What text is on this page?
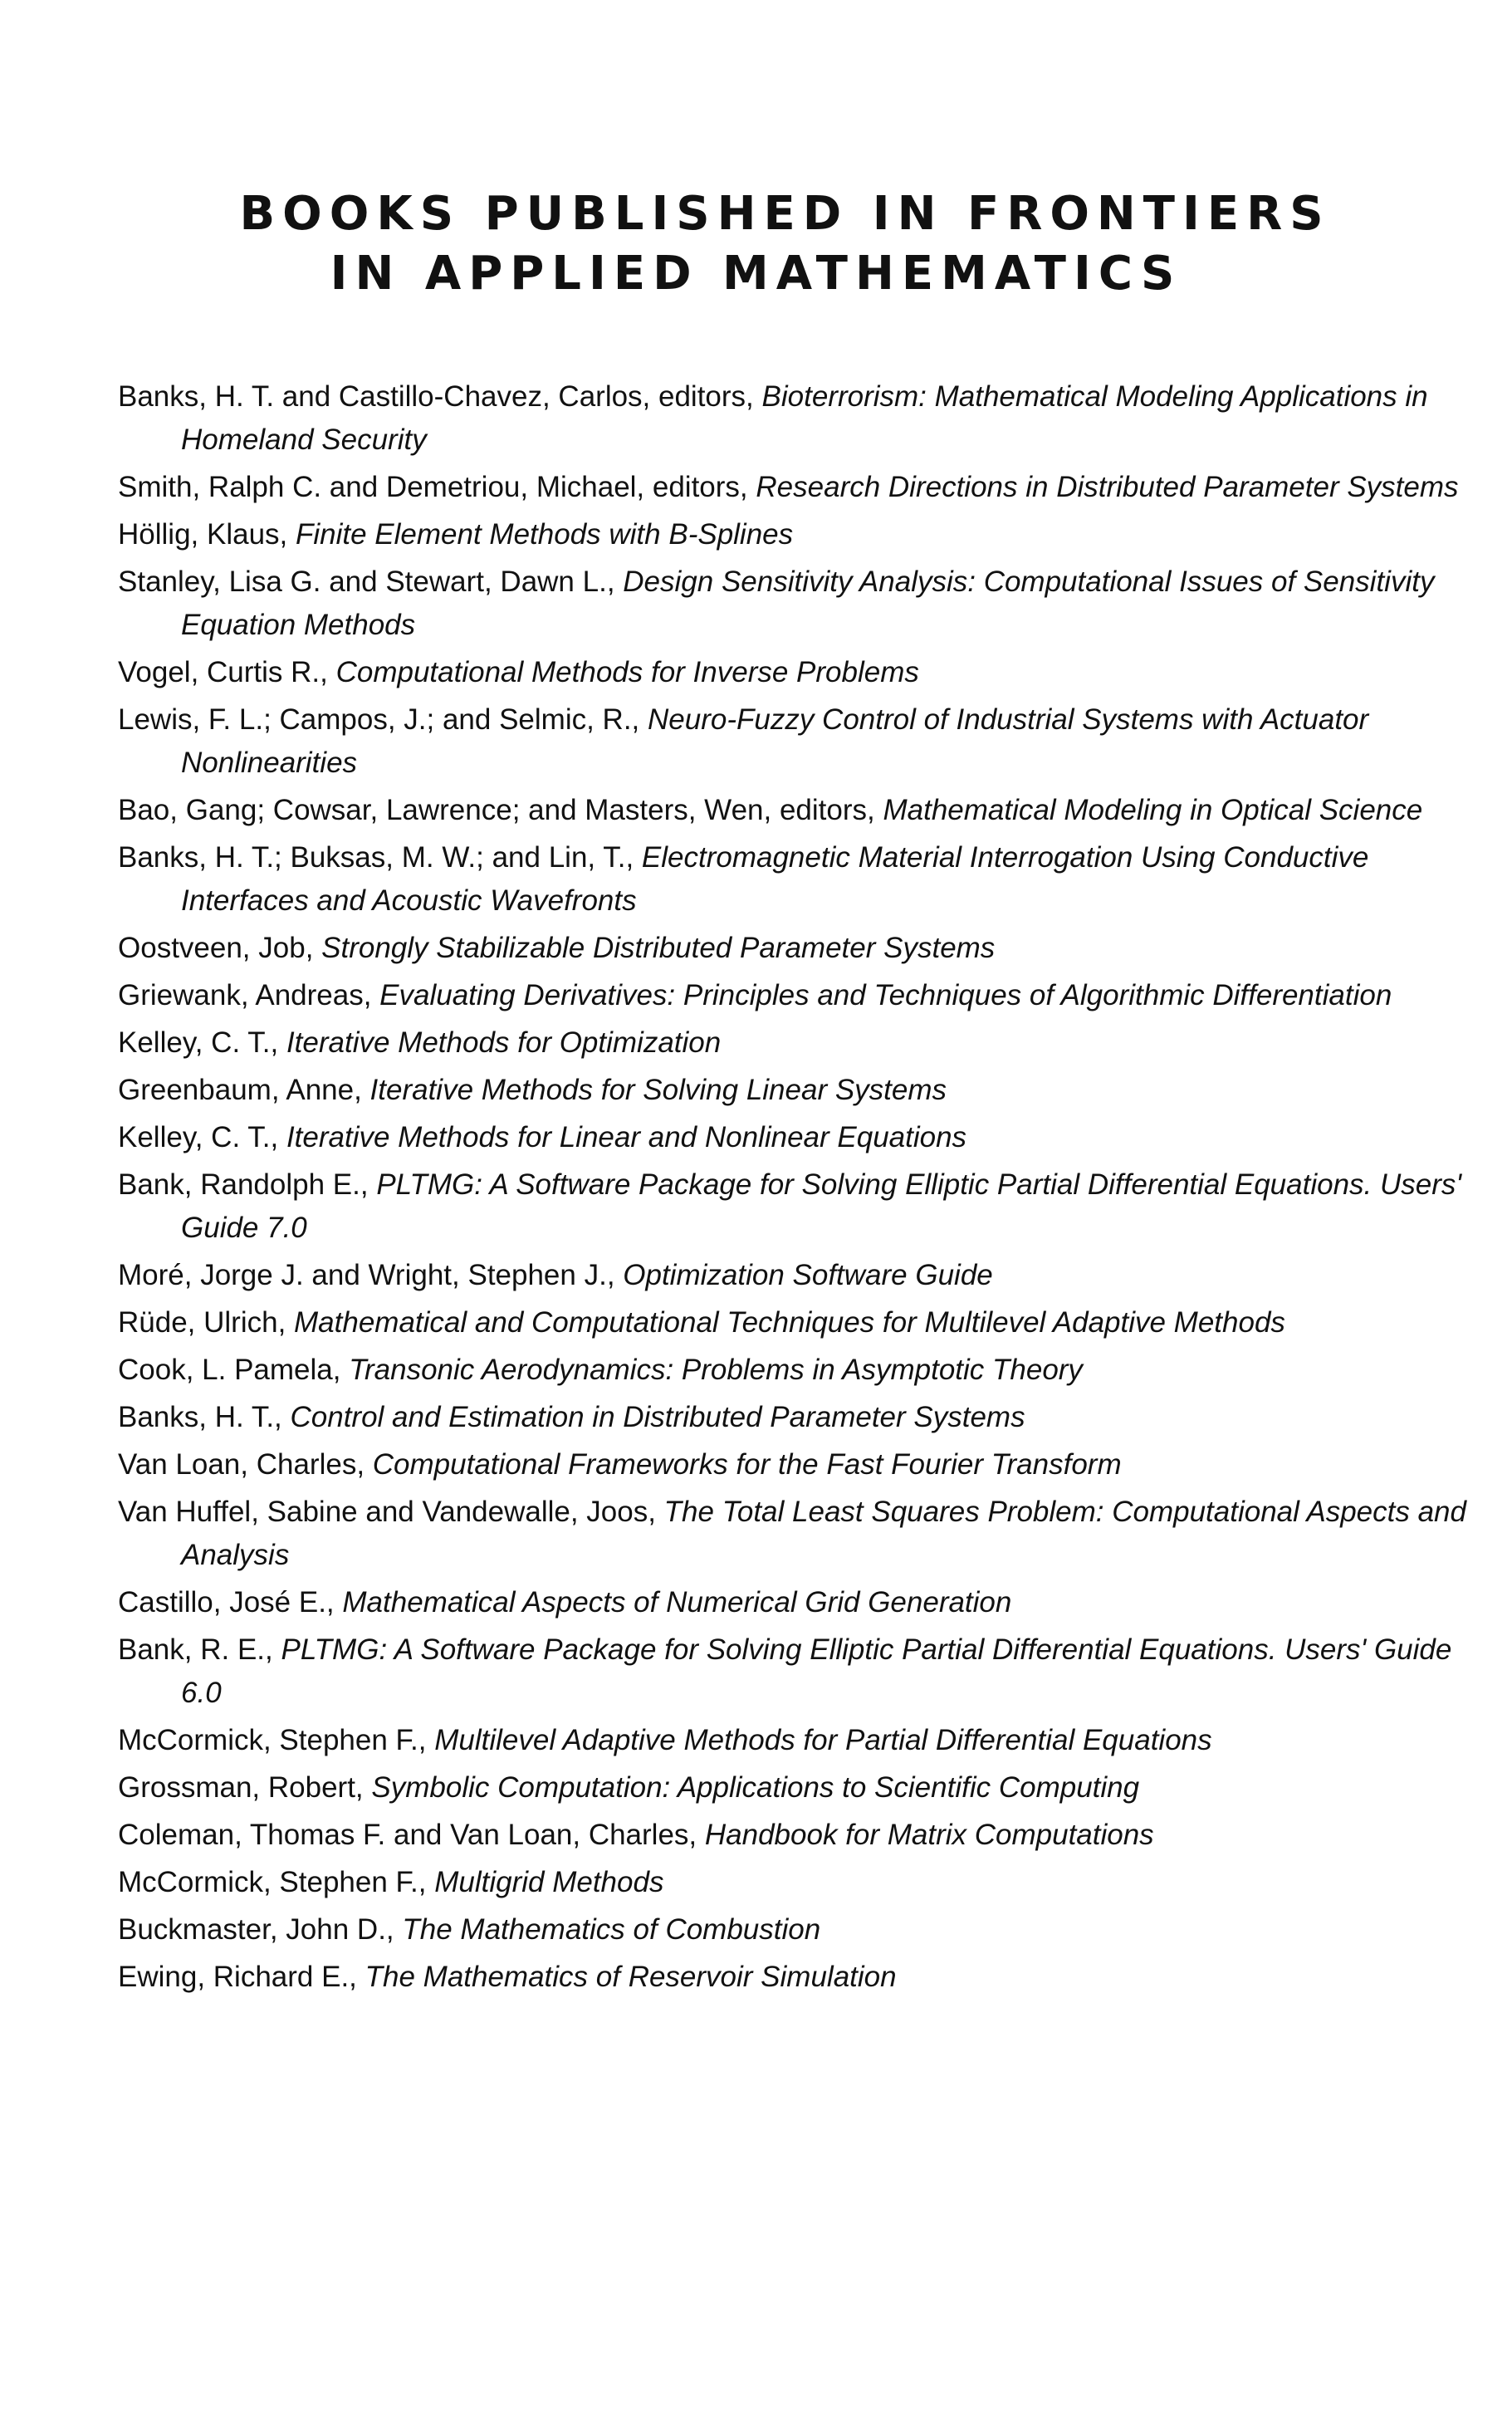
BOOKS PUBLISHED IN FRONTIERS
IN APPLIED MATHEMATICS
Banks, H. T. and Castillo-Chavez, Carlos, editors, Bioterrorism: Mathematical Modeling Applications in Homeland Security
Smith, Ralph C. and Demetriou, Michael, editors, Research Directions in Distributed Parameter Systems
Höllig, Klaus, Finite Element Methods with B-Splines
Stanley, Lisa G. and Stewart, Dawn L., Design Sensitivity Analysis: Computational Issues of Sensitivity Equation Methods
Vogel, Curtis R., Computational Methods for Inverse Problems
Lewis, F. L.; Campos, J.; and Selmic, R., Neuro-Fuzzy Control of Industrial Systems with Actuator Nonlinearities
Bao, Gang; Cowsar, Lawrence; and Masters, Wen, editors, Mathematical Modeling in Optical Science
Banks, H. T.; Buksas, M. W.; and Lin, T., Electromagnetic Material Interrogation Using Conductive Interfaces and Acoustic Wavefronts
Oostveen, Job, Strongly Stabilizable Distributed Parameter Systems
Griewank, Andreas, Evaluating Derivatives: Principles and Techniques of Algorithmic Differentiation
Kelley, C. T., Iterative Methods for Optimization
Greenbaum, Anne, Iterative Methods for Solving Linear Systems
Kelley, C. T., Iterative Methods for Linear and Nonlinear Equations
Bank, Randolph E., PLTMG: A Software Package for Solving Elliptic Partial Differential Equations. Users' Guide 7.0
Moré, Jorge J. and Wright, Stephen J., Optimization Software Guide
Rüde, Ulrich, Mathematical and Computational Techniques for Multilevel Adaptive Methods
Cook, L. Pamela, Transonic Aerodynamics: Problems in Asymptotic Theory
Banks, H. T., Control and Estimation in Distributed Parameter Systems
Van Loan, Charles, Computational Frameworks for the Fast Fourier Transform
Van Huffel, Sabine and Vandewalle, Joos, The Total Least Squares Problem: Computational Aspects and Analysis
Castillo, José E., Mathematical Aspects of Numerical Grid Generation
Bank, R. E., PLTMG: A Software Package for Solving Elliptic Partial Differential Equations. Users' Guide 6.0
McCormick, Stephen F., Multilevel Adaptive Methods for Partial Differential Equations
Grossman, Robert, Symbolic Computation: Applications to Scientific Computing
Coleman, Thomas F. and Van Loan, Charles, Handbook for Matrix Computations
McCormick, Stephen F., Multigrid Methods
Buckmaster, John D., The Mathematics of Combustion
Ewing, Richard E., The Mathematics of Reservoir Simulation
